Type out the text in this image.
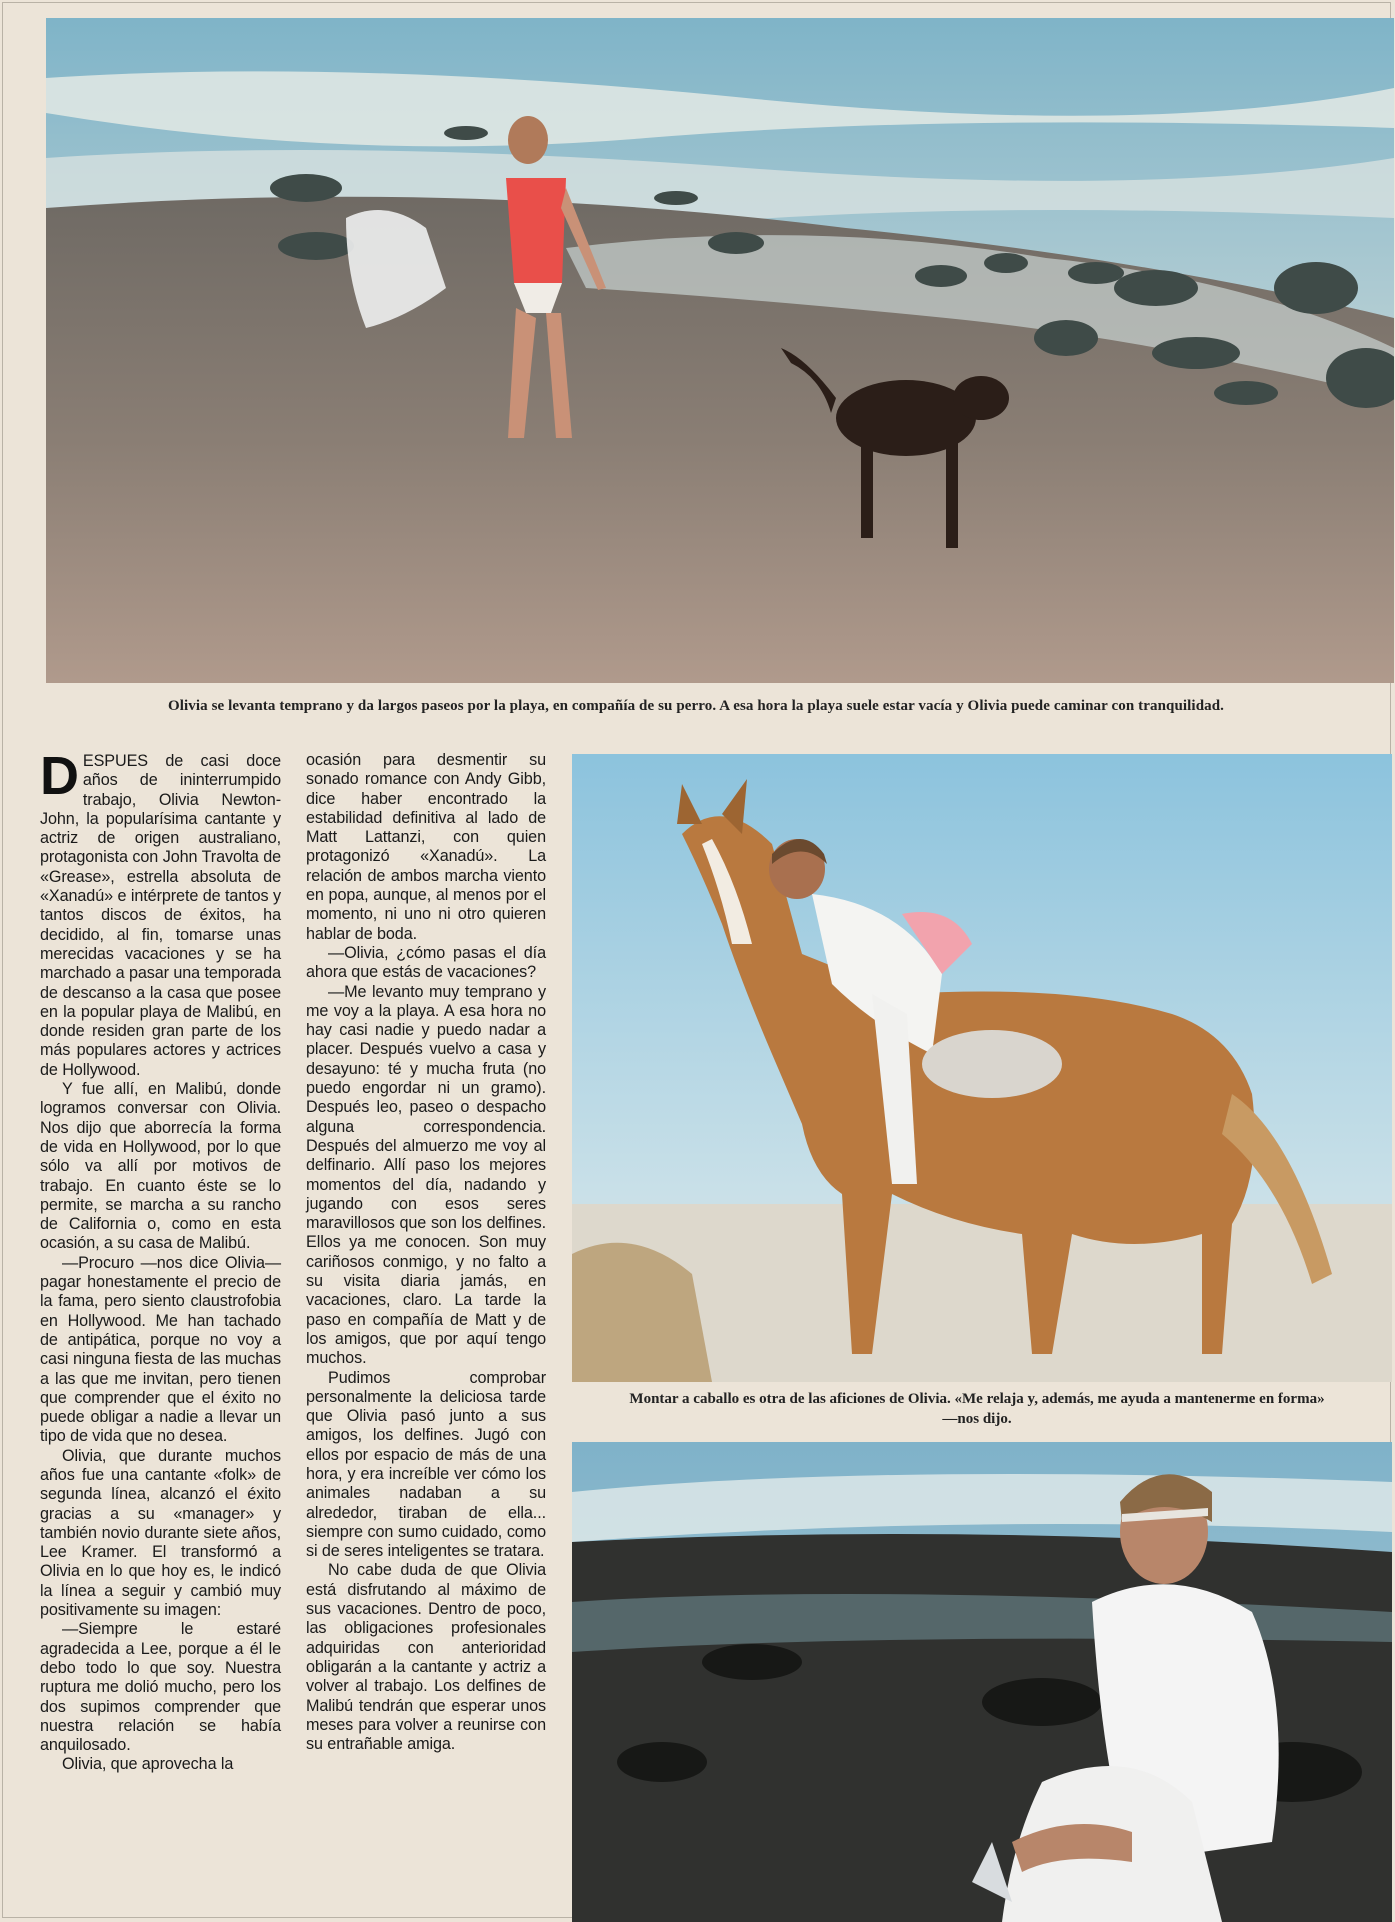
Olivia se levanta temprano y da largos paseos por la playa, en compañía de su perro. A esa hora la playa suele estar vacía y Olivia puede caminar con tranquilidad.

DESPUES de casi doce años de ininterrumpido trabajo, Olivia Newton-John, la popularísima cantante y actriz de origen australiano, protagonista con John Travolta de «Grease», estrella absoluta de «Xanadú» e intérprete de tantos y tantos discos de éxitos, ha decidido, al fin, tomarse unas merecidas vacaciones y se ha marchado a pasar una temporada de descanso a la casa que posee en la popular playa de Malibú, en donde residen gran parte de los más populares actores y actrices de Hollywood.

Y fue allí, en Malibú, donde logramos conversar con Olivia. Nos dijo que aborrecía la forma de vida en Hollywood, por lo que sólo va allí por motivos de trabajo. En cuanto éste se lo permite, se marcha a su rancho de California o, como en esta ocasión, a su casa de Malibú.

—Procuro —nos dice Olivia— pagar honestamente el precio de la fama, pero siento claustrofobia en Hollywood. Me han tachado de antipática, porque no voy a casi ninguna fiesta de las muchas a las que me invitan, pero tienen que comprender que el éxito no puede obligar a nadie a llevar un tipo de vida que no desea.

Olivia, que durante muchos años fue una cantante «folk» de segunda línea, alcanzó el éxito gracias a su «manager» y también novio durante siete años, Lee Kramer. El transformó a Olivia en lo que hoy es, le indicó la línea a seguir y cambió muy positivamente su imagen:

—Siempre le estaré agradecida a Lee, porque a él le debo todo lo que soy. Nuestra ruptura me dolió mucho, pero los dos supimos comprender que nuestra relación se había anquilosado.

Olivia, que aprovecha la

ocasión para desmentir su sonado romance con Andy Gibb, dice haber encontrado la estabilidad definitiva al lado de Matt Lattanzi, con quien protagonizó «Xanadú». La relación de ambos marcha viento en popa, aunque, al menos por el momento, ni uno ni otro quieren hablar de boda.

—Olivia, ¿cómo pasas el día ahora que estás de vacaciones?

—Me levanto muy temprano y me voy a la playa. A esa hora no hay casi nadie y puedo nadar a placer. Después vuelvo a casa y desayuno: té y mucha fruta (no puedo engordar ni un gramo). Después leo, paseo o despacho alguna correspondencia. Después del almuerzo me voy al delfinario. Allí paso los mejores momentos del día, nadando y jugando con esos seres maravillosos que son los delfines. Ellos ya me conocen. Son muy cariñosos conmigo, y no falto a su visita diaria jamás, en vacaciones, claro. La tarde la paso en compañía de Matt y de los amigos, que por aquí tengo muchos.

Pudimos comprobar personalmente la deliciosa tarde que Olivia pasó junto a sus amigos, los delfines. Jugó con ellos por espacio de más de una hora, y era increíble ver cómo los animales nadaban a su alrededor, tiraban de ella... siempre con sumo cuidado, como si de seres inteligentes se tratara.

No cabe duda de que Olivia está disfrutando al máximo de sus vacaciones. Dentro de poco, las obligaciones profesionales adquiridas con anterioridad obligarán a la cantante y actriz a volver al trabajo. Los delfines de Malibú tendrán que esperar unos meses para volver a reunirse con su entrañable amiga.

Montar a caballo es otra de las aficiones de Olivia. «Me relaja y, además, me ayuda a mantenerme en forma»
—nos dijo.
